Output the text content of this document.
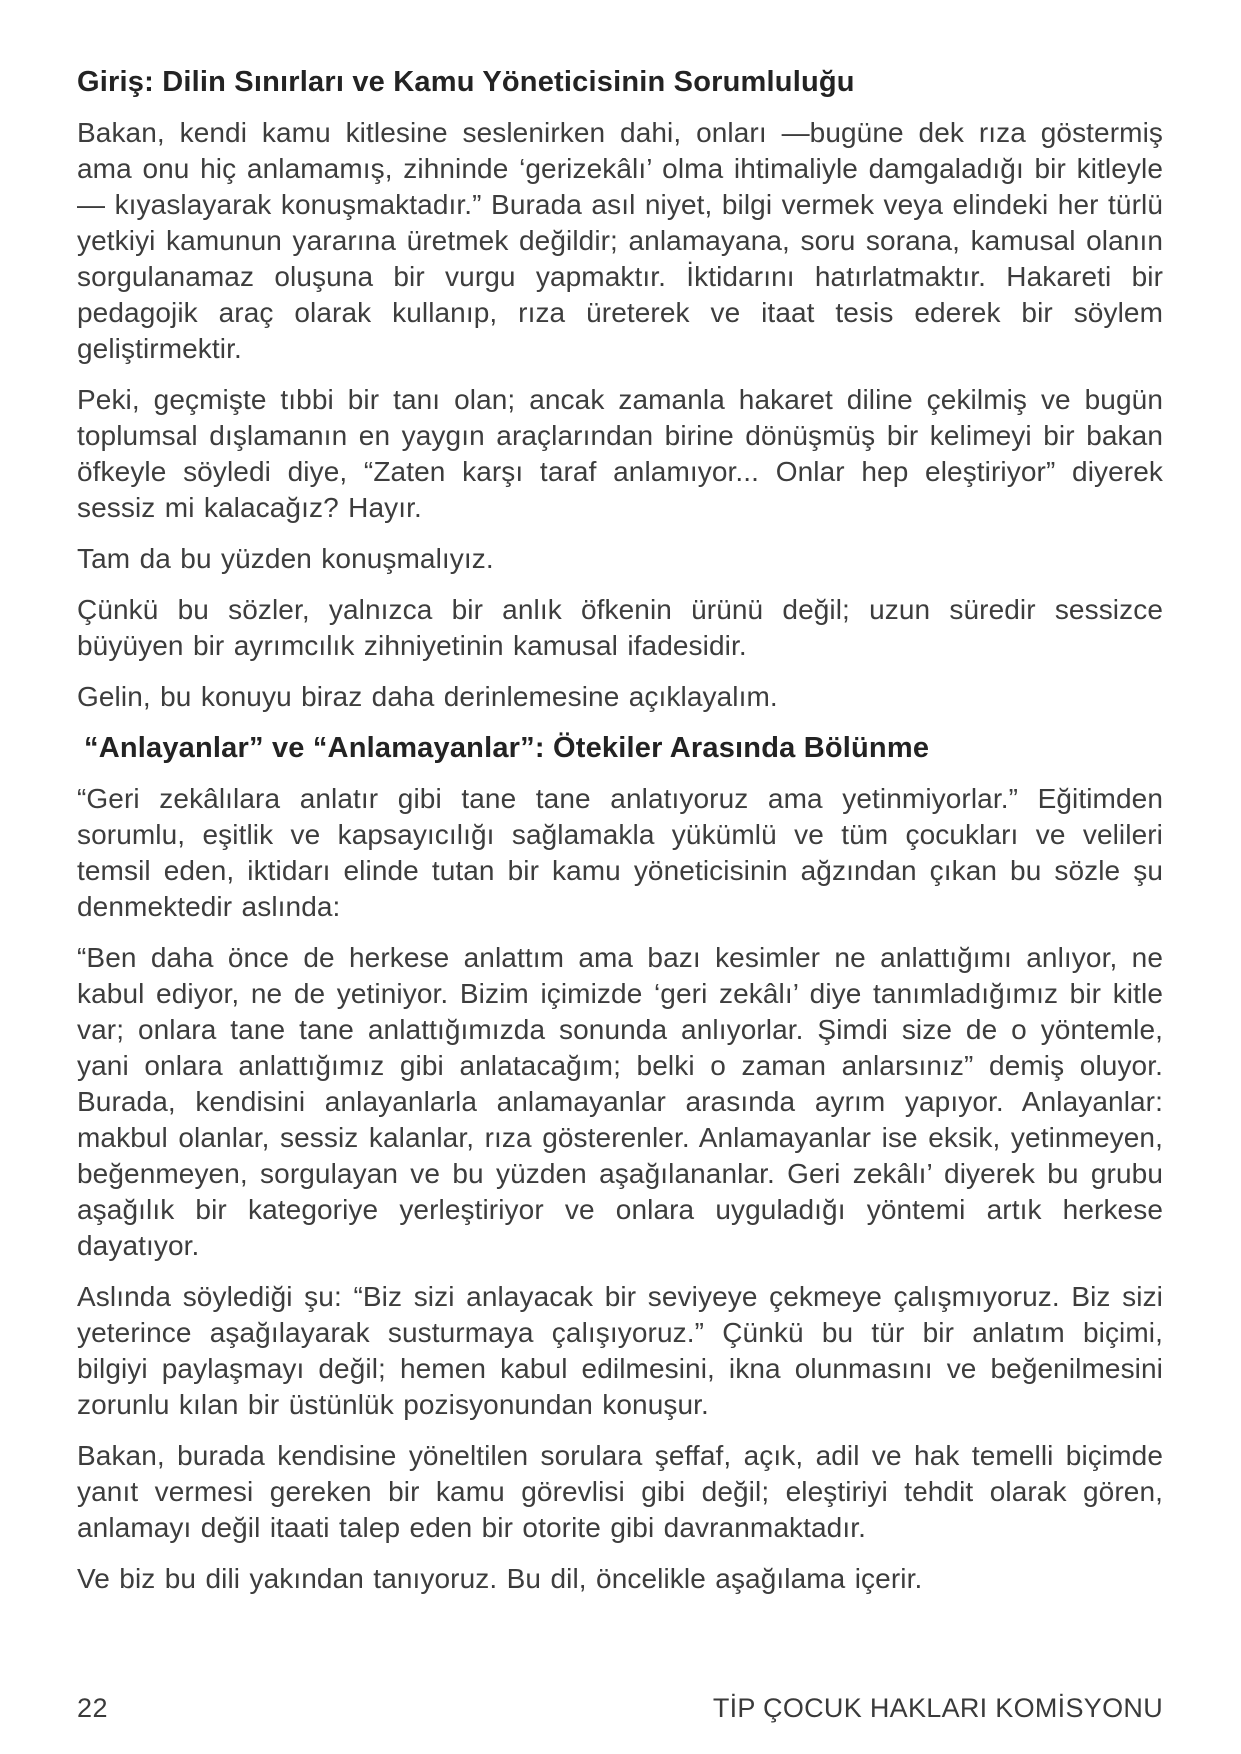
Giriş: Dilin Sınırları ve Kamu Yöneticisinin Sorumluluğu

Bakan, kendi kamu kitlesine seslenirken dahi, onları —bugüne dek rıza göstermiş ama onu hiç anlamamış, zihninde ‘gerizekâlı’ olma ihtimaliyle damgaladığı bir kitleyle— kıyaslayarak konuşmaktadır.” Burada asıl niyet, bilgi vermek veya elindeki her türlü yetkiyi kamunun yararına üretmek değildir; anlamayana, soru sorana, kamusal olanın sorgulanamaz oluşuna bir vurgu yapmaktır. İktidarını hatırlatmaktır. Hakareti bir pedagojik araç olarak kullanıp, rıza üreterek ve itaat tesis ederek bir söylem geliştirmektir.

Peki, geçmişte tıbbi bir tanı olan; ancak zamanla hakaret diline çekilmiş ve bugün toplumsal dışlamanın en yaygın araçlarından birine dönüşmüş bir kelimeyi bir bakan öfkeyle söyledi diye, “Zaten karşı taraf anlamıyor... Onlar hep eleştiriyor” diyerek sessiz mi kalacağız? Hayır.

Tam da bu yüzden konuşmalıyız.

Çünkü bu sözler, yalnızca bir anlık öfkenin ürünü değil; uzun süredir sessizce büyüyen bir ayrımcılık zihniyetinin kamusal ifadesidir.

Gelin, bu konuyu biraz daha derinlemesine açıklayalım.

“Anlayanlar” ve “Anlamayanlar”: Ötekiler Arasında Bölünme

“Geri zekâlılara anlatır gibi tane tane anlatıyoruz ama yetinmiyorlar.” Eğitimden sorumlu, eşitlik ve kapsayıcılığı sağlamakla yükümlü ve tüm çocukları ve velileri temsil eden, iktidarı elinde tutan bir kamu yöneticisinin ağzından çıkan bu sözle şu denmektedir aslında:

“Ben daha önce de herkese anlattım ama bazı kesimler ne anlattığımı anlıyor, ne kabul ediyor, ne de yetiniyor. Bizim içimizde ‘geri zekâlı’ diye tanımladığımız bir kitle var; onlara tane tane anlattığımızda sonunda anlıyorlar. Şimdi size de o yöntemle, yani onlara anlattığımız gibi anlatacağım; belki o zaman anlarsınız” demiş oluyor. Burada, kendisini anlayanlarla anlamayanlar arasında ayrım yapıyor. Anlayanlar: makbul olanlar, sessiz kalanlar, rıza gösterenler. Anlamayanlar ise eksik, yetinmeyen, beğenmeyen, sorgulayan ve bu yüzden aşağılananlar. Geri zekâlı’ diyerek bu grubu aşağılık bir kategoriye yerleştiriyor ve onlara uyguladığı yöntemi artık herkese dayatıyor.

Aslında söylediği şu: “Biz sizi anlayacak bir seviyeye çekmeye çalışmıyoruz. Biz sizi yeterince aşağılayarak susturmaya çalışıyoruz.” Çünkü bu tür bir anlatım biçimi, bilgiyi paylaşmayı değil; hemen kabul edilmesini, ikna olunmasını ve beğenilmesini zorunlu kılan bir üstünlük pozisyonundan konuşur.

Bakan, burada kendisine yöneltilen sorulara şeffaf, açık, adil ve hak temelli biçimde yanıt vermesi gereken bir kamu görevlisi gibi değil; eleştiriyi tehdit olarak gören, anlamayı değil itaati talep eden bir otorite gibi davranmaktadır.

Ve biz bu dili yakından tanıyoruz. Bu dil, öncelikle aşağılama içerir.

22	TİP ÇOCUK HAKLARI KOMİSYONU
